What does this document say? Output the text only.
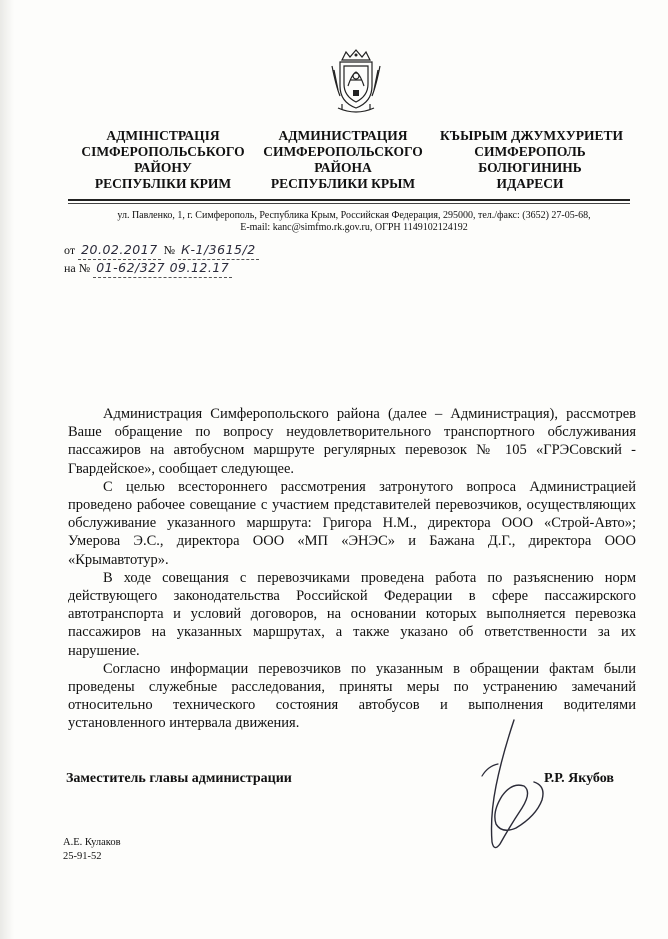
АДМІНІСТРАЦІЯ
СІМФЕРОПОЛЬСЬКОГО
РАЙОНУ
РЕСПУБЛІКИ КРИМ
АДМИНИСТРАЦИЯ
СИМФЕРОПОЛЬСКОГО
РАЙОНА
РЕСПУБЛИКИ КРЫМ
КЪЫРЫМ ДЖУМХУРИЕТИ
СИМФЕРОПОЛЬ
БОЛЮГИНИНЬ
ИДАРЕСИ
ул. Павленко, 1, г. Симферополь, Республика Крым, Российская Федерация, 295000, тел./факс: (3652) 27-05-68,
E-mail: kanc@simfmo.rk.gov.ru, ОГРН 1149102124192
от 20.02.2017 № К-1/3615/2
на № 01-62/327 09.12.17

Администрация Симферопольского района (далее – Администрация), рассмотрев Ваше обращение по вопросу неудовлетворительного транспортного обслуживания пассажиров на автобусном маршруте регулярных перевозок № 105 «ГРЭСовский - Гвардейское», сообщает следующее.

С целью всестороннего рассмотрения затронутого вопроса Администрацией проведено рабочее совещание с участием представителей перевозчиков, осуществляющих обслуживание указанного маршрута: Григора Н.М., директора ООО «Строй-Авто»; Умерова Э.С., директора ООО «МП «ЭНЭС» и Бажана Д.Г., директора ООО «Крымавтотур».

В ходе совещания с перевозчиками проведена работа по разъяснению норм действующего законодательства Российской Федерации в сфере пассажирского автотранспорта и условий договоров, на основании которых выполняется перевозка пассажиров на указанных маршрутах, а также указано об ответственности за их нарушение.

Согласно информации перевозчиков по указанным в обращении фактам были проведены служебные расследования, приняты меры по устранению замечаний относительно технического состояния автобусов и выполнения водителями установленного интервала движения.

Заместитель главы администрации	Р.Р. Якубов
А.Е. Кулаков
25-91-52
